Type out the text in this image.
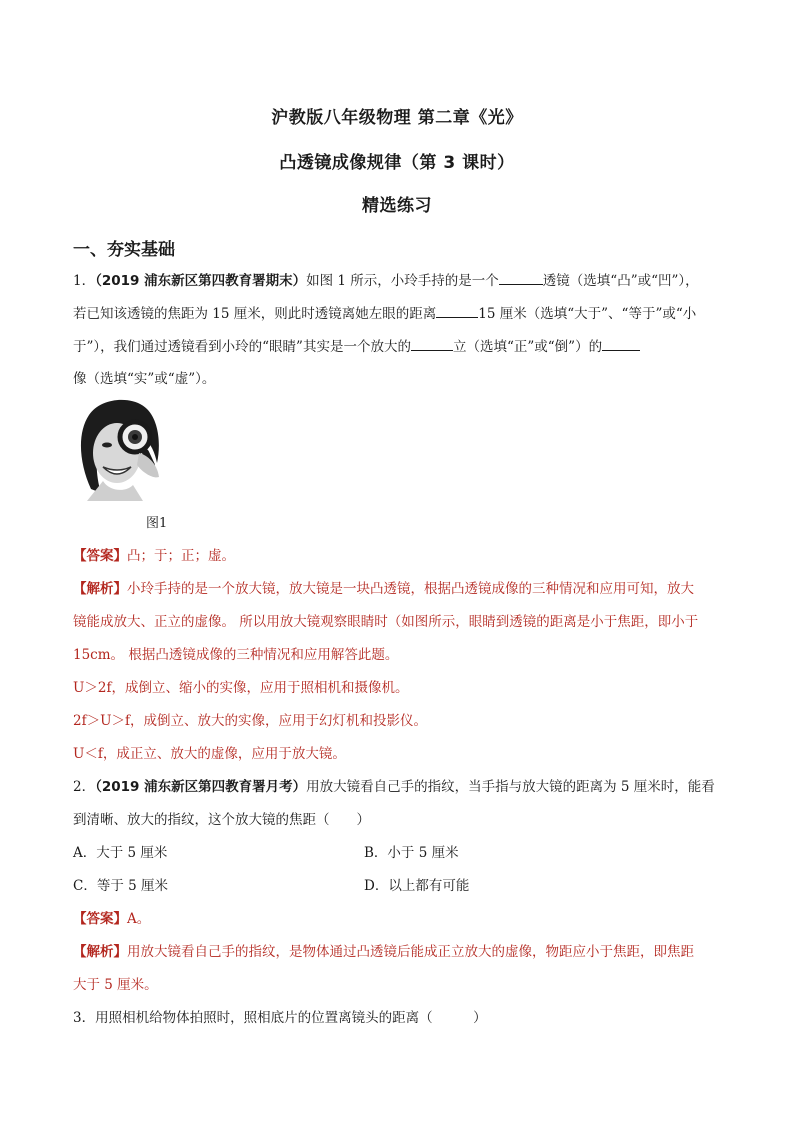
沪教版八年级物理 第二章《光》
凸透镜成像规律（第 3 课时）
精选练习
一、夯实基础
1．（2019 浦东新区第四教育署期末）如图 1 所示，小玲手持的是一个	透镜（选填“凸”或“凹”），
若已知该透镜的焦距为 15 厘米，则此时透镜离她左眼的距离	15 厘米（选填“大于”、“等于”或“小
于”），我们通过透镜看到小玲的“眼睛”其实是一个放大的	立（选填“正”或“倒”）的
像（选填“实”或“虚”）。
图1
【答案】凸；于；正；虚。
【解析】小玲手持的是一个放大镜，放大镜是一块凸透镜，根据凸透镜成像的三种情况和应用可知，放大
镜能成放大、正立的虚像。 所以用放大镜观察眼睛时（如图所示，眼睛到透镜的距离是小于焦距，即小于
15cm。 根据凸透镜成像的三种情况和应用解答此题。
U＞2f，成倒立、缩小的实像，应用于照相机和摄像机。
2f＞U＞f，成倒立、放大的实像，应用于幻灯机和投影仪。
U＜f，成正立、放大的虚像，应用于放大镜。
2．（2019 浦东新区第四教育署月考）用放大镜看自己手的指纹，当手指与放大镜的距离为 5 厘米时，能看
到清晰、放大的指纹，这个放大镜的焦距（　　）
A．大于 5 厘米	B．小于 5 厘米
C．等于 5 厘米	D．以上都有可能
【答案】A。
【解析】用放大镜看自己手的指纹，是物体通过凸透镜后能成正立放大的虚像，物距应小于焦距，即焦距
大于 5 厘米。
3．用照相机给物体拍照时，照相底片的位置离镜头的距离（　　　）
